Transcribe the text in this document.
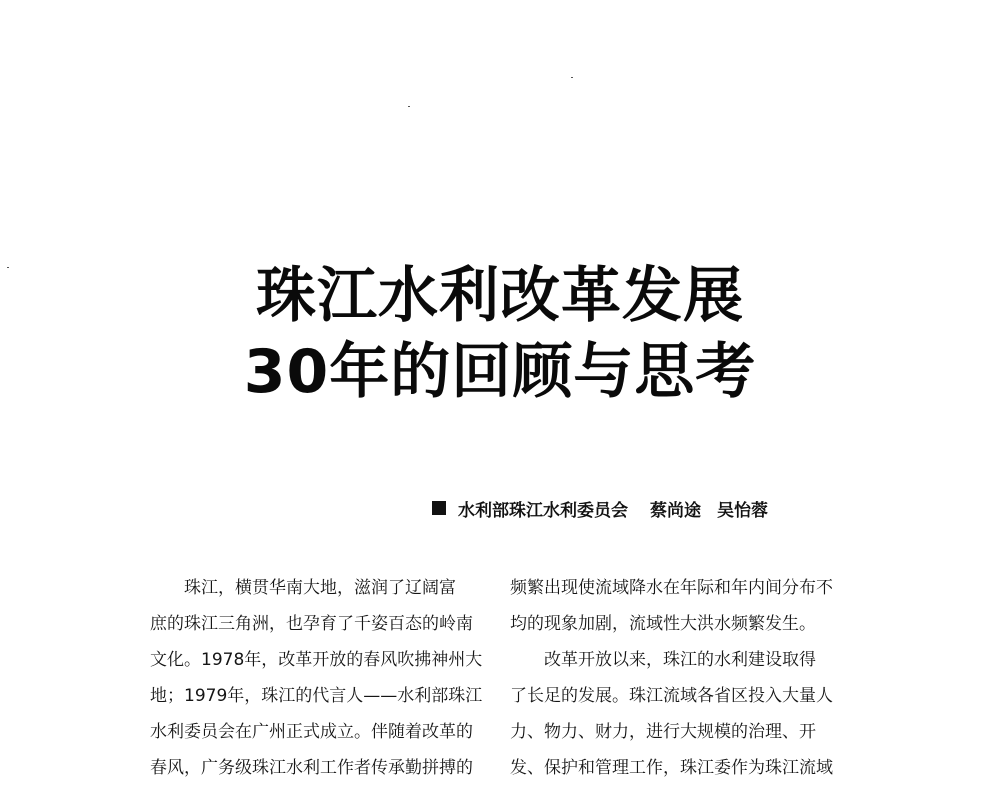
珠江水利改革发展
30年的回顾与思考
水利部珠江水利委员会 蔡尚途 吴怡蓉

珠江，横贯华南大地，滋润了辽阔富

庶的珠江三角洲，也孕育了千姿百态的岭南

文化。1978年，改革开放的春风吹拂神州大

地；1979年，珠江的代言人——水利部珠江

水利委员会在广州正式成立。伴随着改革的

春风，广务级珠江水利工作者传承勤拼搏的

频繁出现使流域降水在年际和年内间分布不

均的现象加剧，流域性大洪水频繁发生。

改革开放以来，珠江的水利建设取得

了长足的发展。珠江流域各省区投入大量人

力、物力、财力，进行大规模的治理、开

发、保护和管理工作，珠江委作为珠江流域
